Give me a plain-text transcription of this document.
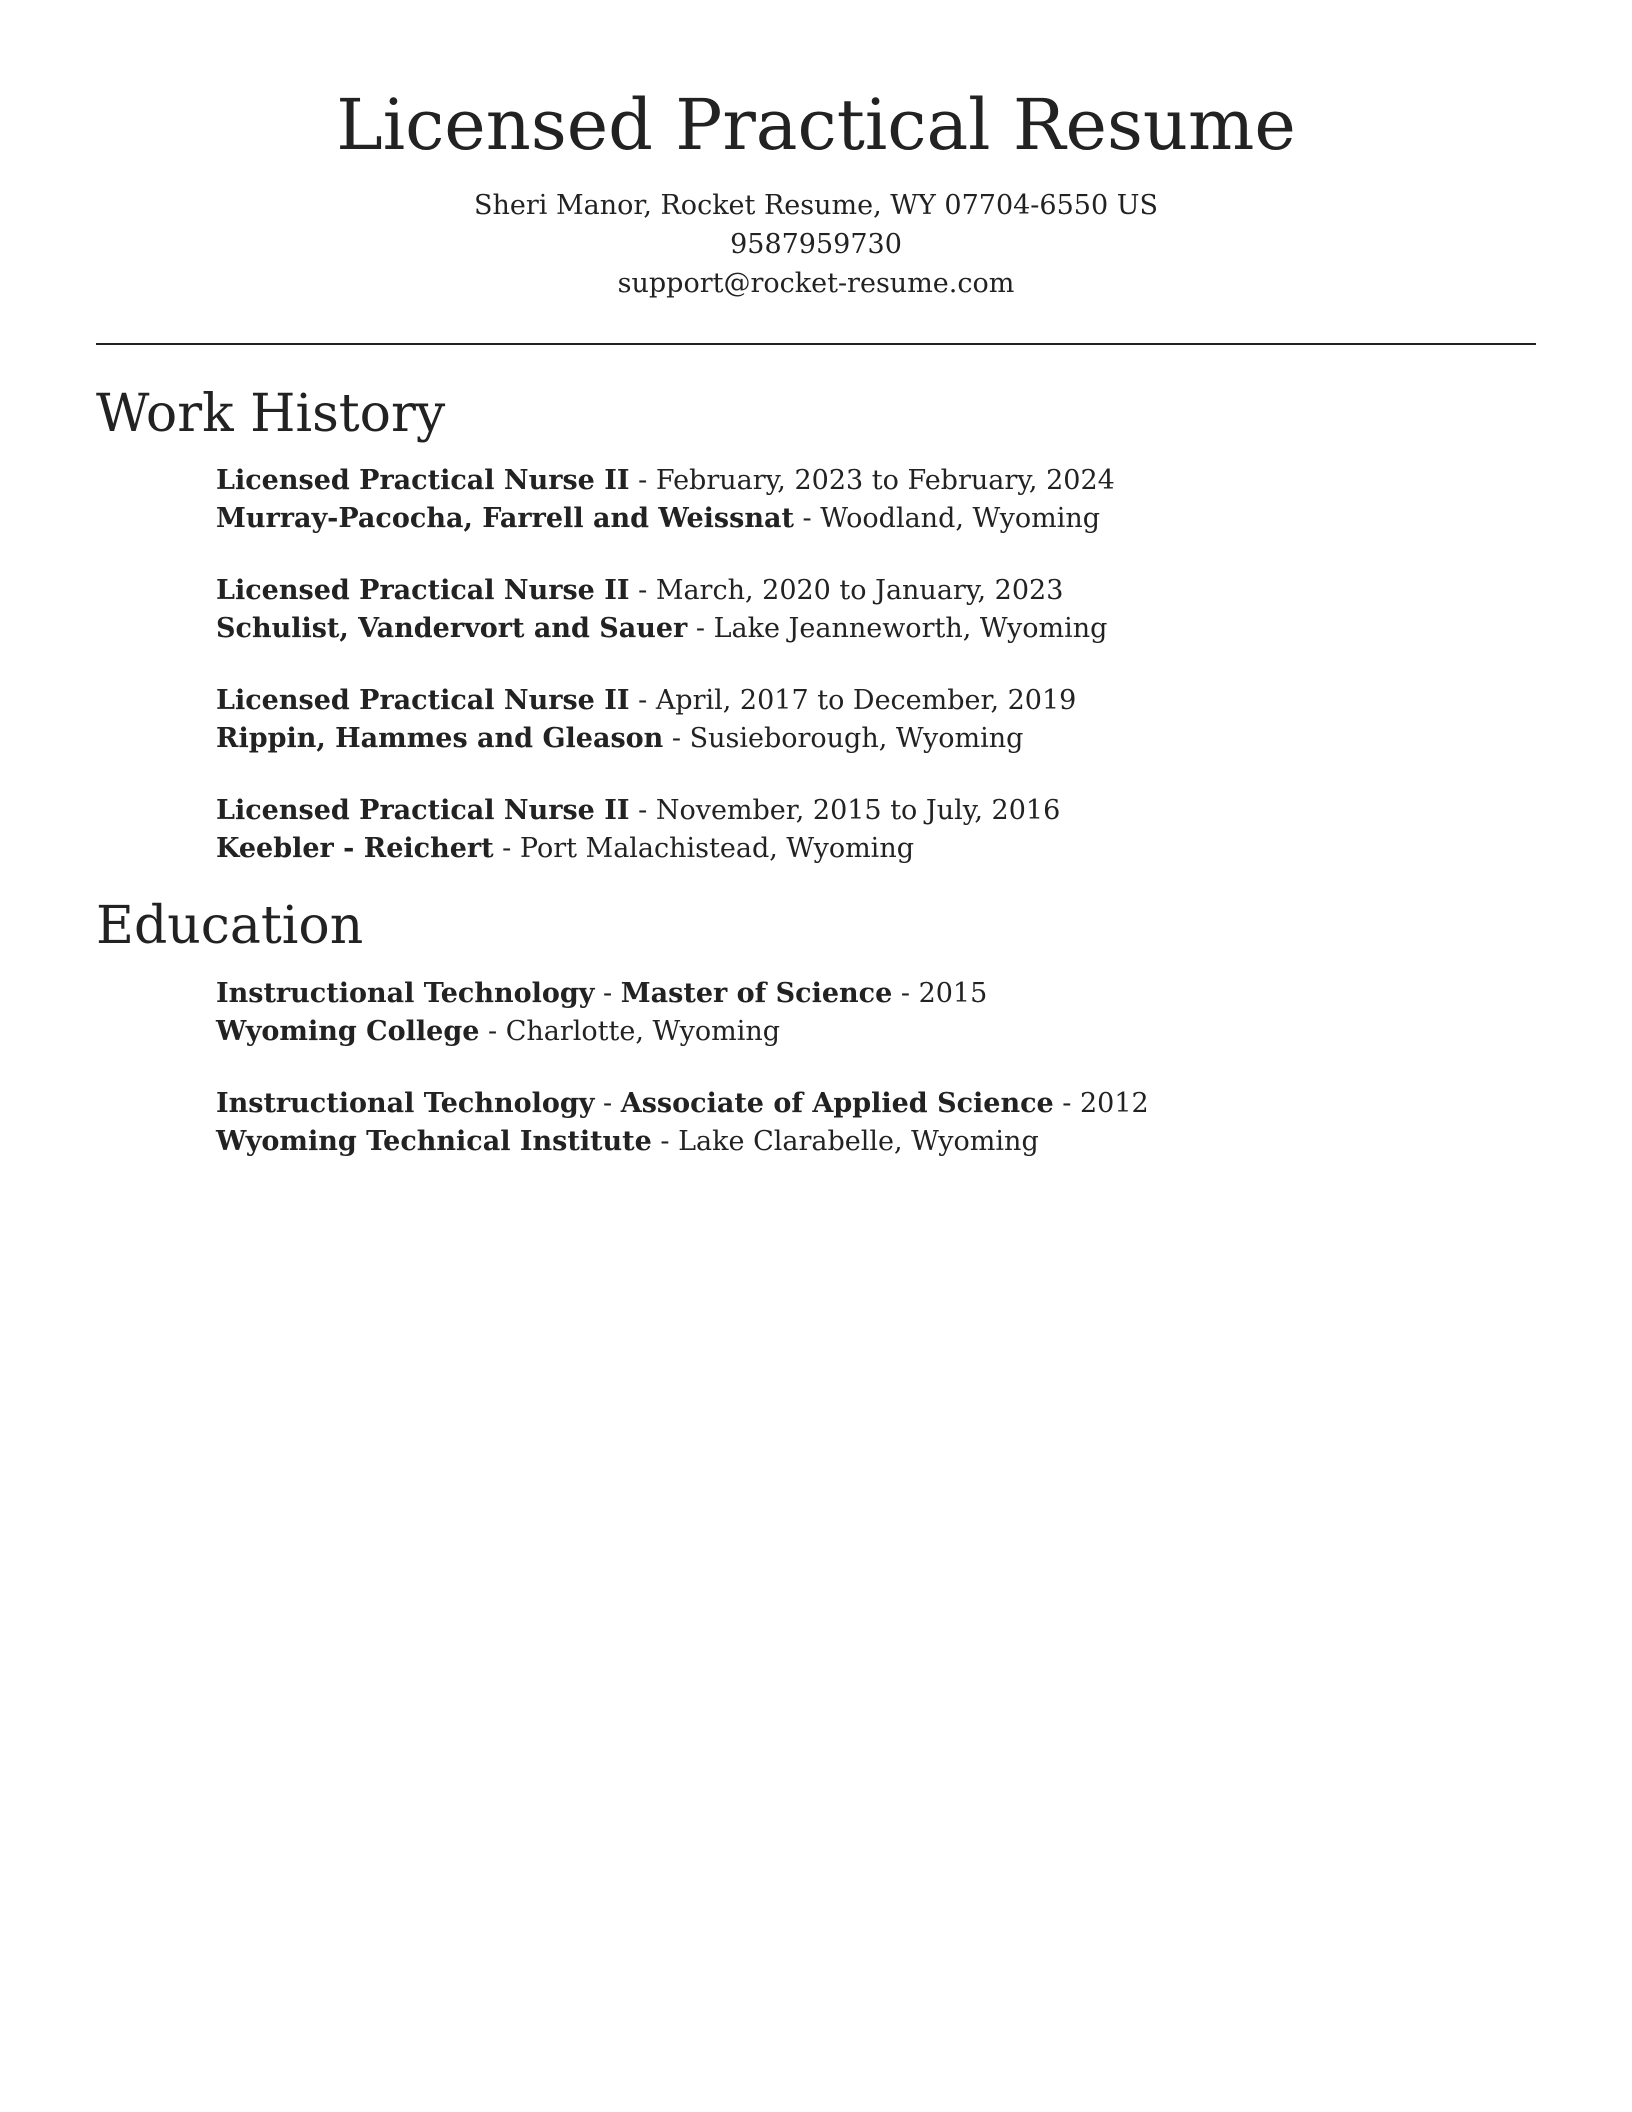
Licensed Practical Resume
Sheri Manor, Rocket Resume, WY 07704-6550 US
9587959730
support@rocket-resume.com
Work History
Licensed Practical Nurse II - February, 2023 to February, 2024
Murray-Pacocha, Farrell and Weissnat - Woodland, Wyoming
Licensed Practical Nurse II - March, 2020 to January, 2023
Schulist, Vandervort and Sauer - Lake Jeanneworth, Wyoming
Licensed Practical Nurse II - April, 2017 to December, 2019
Rippin, Hammes and Gleason - Susieborough, Wyoming
Licensed Practical Nurse II - November, 2015 to July, 2016
Keebler - Reichert - Port Malachistead, Wyoming
Education
Instructional Technology - Master of Science - 2015
Wyoming College - Charlotte, Wyoming
Instructional Technology - Associate of Applied Science - 2012
Wyoming Technical Institute - Lake Clarabelle, Wyoming
